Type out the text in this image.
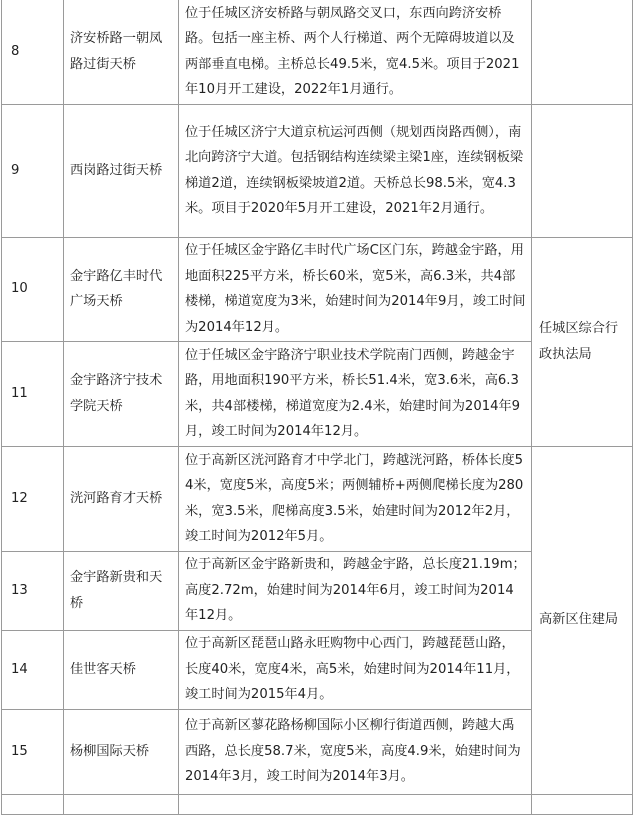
8	济安桥路一朝凤路过街天桥	位于任城区济安桥路与朝凤路交叉口，东西向跨济安桥路。包括一座主桥、两个人行梯道、两个无障碍坡道以及两部垂直电梯。主桥总长49.5米，宽4.5米。项目于2021年10月开工建设，2022年1月通行。	
9	西岗路过街天桥	位于任城区济宁大道京杭运河西侧（规划西岗路西侧），南北向跨济宁大道。包括钢结构连续梁主梁1座，连续钢板梁梯道2道，连续钢板梁坡道2道。天桥总长98.5米，宽4.3米。项目于2020年5月开工建设，2021年2月通行。	
10	金宇路亿丰时代广场天桥	位于任城区金宇路亿丰时代广场C区门东，跨越金宇路，用地面积225平方米，桥长60米，宽5米，高6.3米，共4部楼梯，梯道宽度为3米，始建时间为2014年9月，竣工时间为2014年12月。	任城区综合行政执法局
11	金宇路济宁技术学院天桥	位于任城区金宇路济宁职业技术学院南门西侧，跨越金宇路，用地面积190平方米，桥长51.4米，宽3.6米，高6.3米，共4部楼梯，梯道宽度为2.4米，始建时间为2014年9月，竣工时间为2014年12月。	
12	洸河路育才天桥	位于高新区洸河路育才中学北门，跨越洸河路，桥体长度54米，宽度5米，高度5米；两侧辅桥+两侧爬梯长度为280米，宽3.5米，爬梯高度3.5米，始建时间为2012年2月，竣工时间为2012年5月。	高新区住建局
13	金宇路新贵和天桥	位于高新区金宇路新贵和，跨越金宇路，总长度21.19m；高度2.72m，始建时间为2014年6月，竣工时间为2014年12月。	
14	佳世客天桥	位于高新区琵琶山路永旺购物中心西门，跨越琵琶山路，长度40米，宽度4米，高5米，始建时间为2014年11月，竣工时间为2015年4月。	
15	杨柳国际天桥	位于高新区蓼花路杨柳国际小区柳行街道西侧，跨越大禹西路，总长度58.7米，宽度5米，高度4.9米，始建时间为2014年3月，竣工时间为2014年3月。	
